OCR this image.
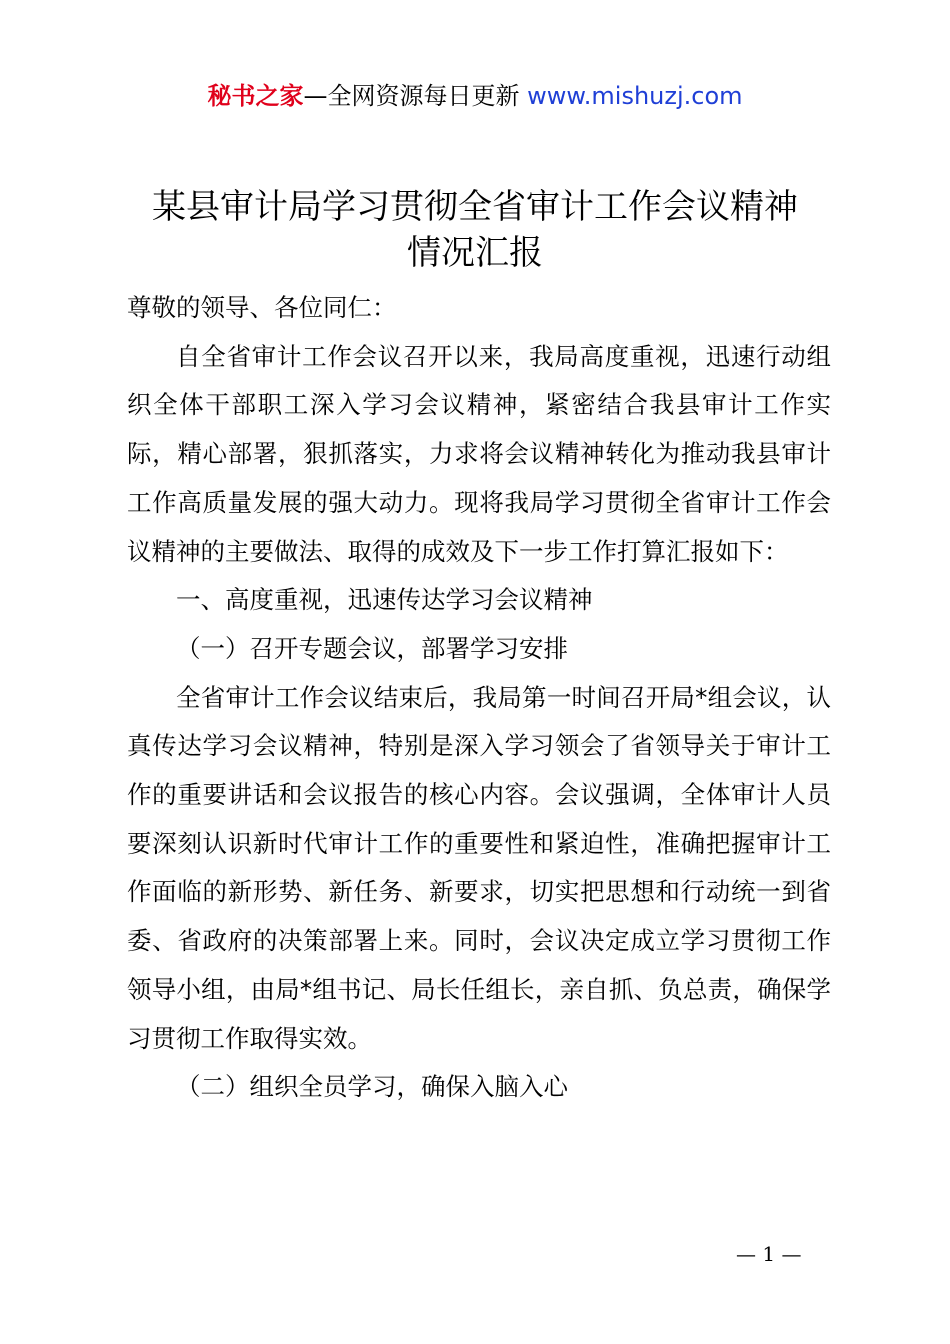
秘书之家—全网资源每日更新 www.mishuzj.com
某县审计局学习贯彻全省审计工作会议精神
情况汇报

尊敬的领导、各位同仁：

自全省审计工作会议召开以来，我局高度重视，迅速行动组织全体干部职工深入学习会议精神，紧密结合我县审计工作实际，精心部署，狠抓落实，力求将会议精神转化为推动我县审计工作高质量发展的强大动力。现将我局学习贯彻全省审计工作会议精神的主要做法、取得的成效及下一步工作打算汇报如下：

一、高度重视，迅速传达学习会议精神

（一）召开专题会议，部署学习安排

全省审计工作会议结束后，我局第一时间召开局*组会议，认真传达学习会议精神，特别是深入学习领会了省领导关于审计工作的重要讲话和会议报告的核心内容。会议强调，全体审计人员要深刻认识新时代审计工作的重要性和紧迫性，准确把握审计工作面临的新形势、新任务、新要求，切实把思想和行动统一到省委、省政府的决策部署上来。同时，会议决定成立学习贯彻工作领导小组，由局*组书记、局长任组长，亲自抓、负总责，确保学习贯彻工作取得实效。

（二）组织全员学习，确保入脑入心

— 1 —
